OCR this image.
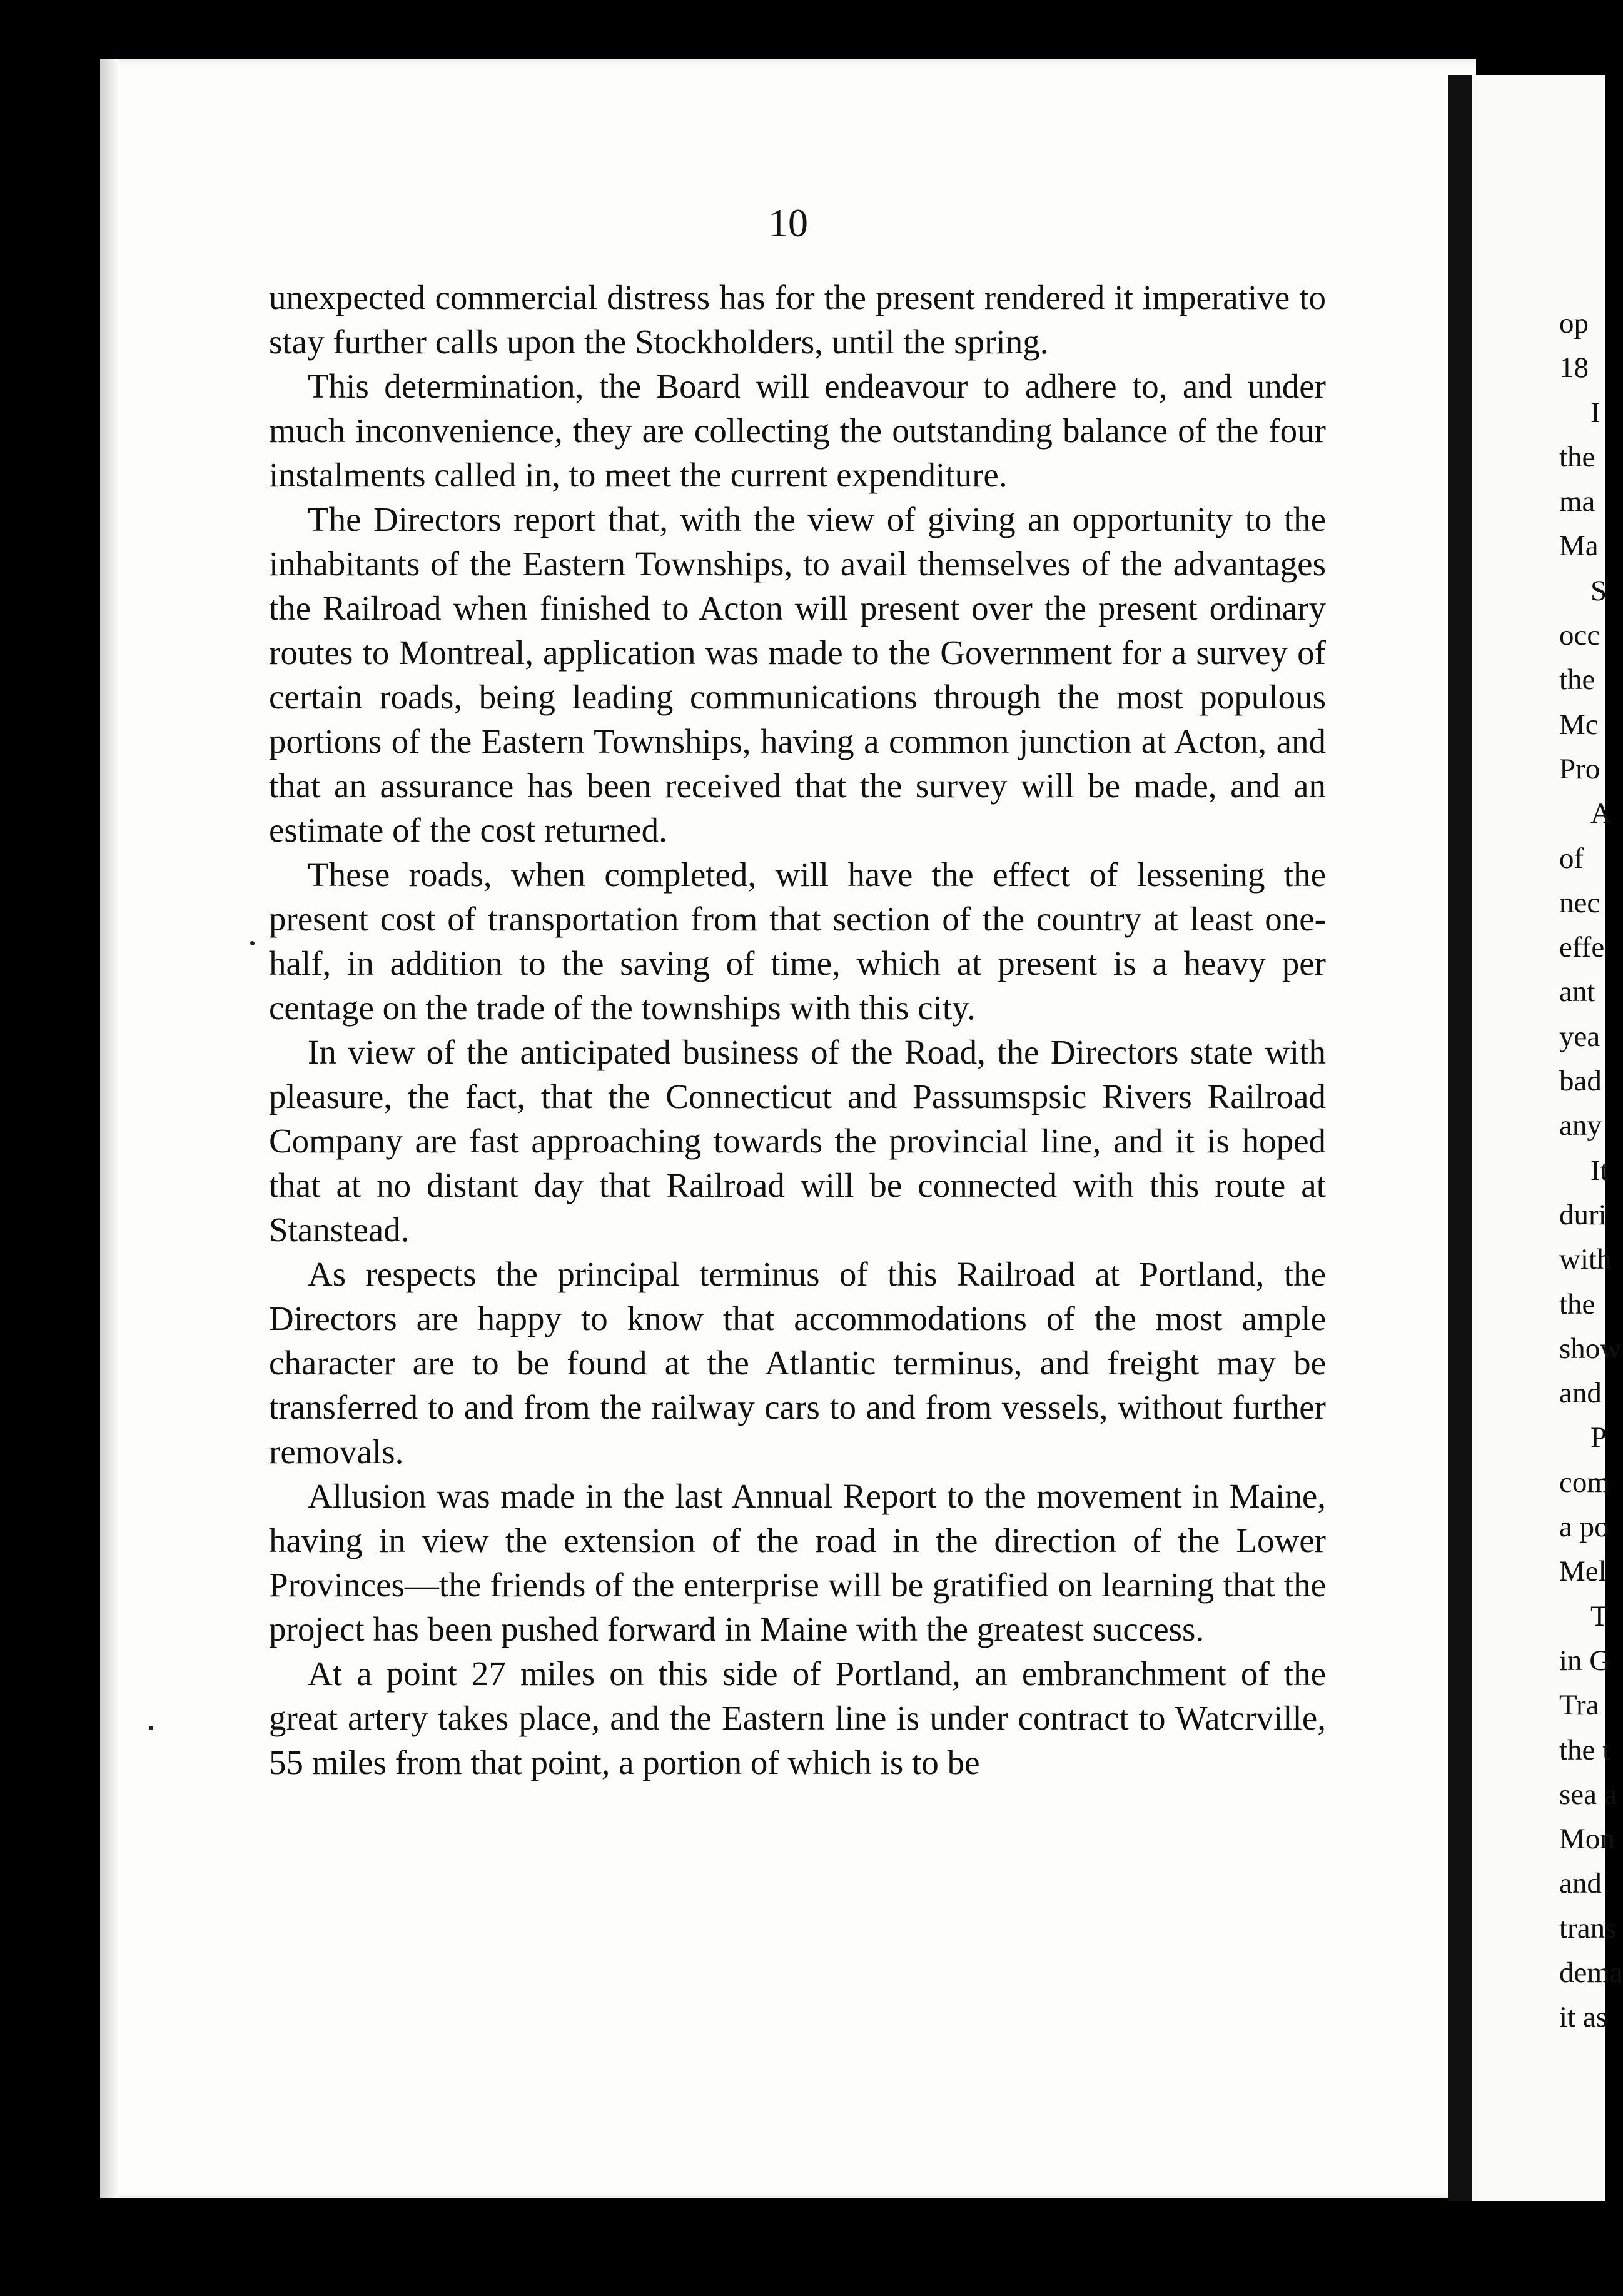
10

unexpected commercial distress has for the present rendered it imperative to stay further calls upon the Stockholders, until the spring.

This determination, the Board will endeavour to adhere to, and under much inconvenience, they are collecting the outstanding balance of the four instalments called in, to meet the current expenditure.

The Directors report that, with the view of giving an opportunity to the inhabitants of the Eastern Townships, to avail themselves of the advantages the Railroad when finished to Acton will present over the present ordinary routes to Montreal, application was made to the Government for a survey of certain roads, being leading communications through the most populous portions of the Eastern Townships, having a common junction at Acton, and that an assurance has been received that the survey will be made, and an estimate of the cost returned.

These roads, when completed, will have the effect of lessening the present cost of transportation from that section of the country at least one-half, in addition to the saving of time, which at present is a heavy per centage on the trade of the townships with this city.

In view of the anticipated business of the Road, the Directors state with pleasure, the fact, that the Connecticut and Passumspsic Rivers Railroad Company are fast approaching towards the provincial line, and it is hoped that at no distant day that Railroad will be connected with this route at Stanstead.

As respects the principal terminus of this Railroad at Portland, the Directors are happy to know that accommodations of the most ample character are to be found at the Atlantic terminus, and freight may be transferred to and from the railway cars to and from vessels, without further removals.

Allusion was made in the last Annual Report to the movement in Maine, having in view the extension of the road in the direction of the Lower Provinces—the friends of the enterprise will be gratified on learning that the project has been pushed forward in Maine with the greatest success.

At a point 27 miles on this side of Portland, an embranchment of the great artery takes place, and the Eastern line is under contract to Watcrville, 55 miles from that point, a portion of which is to be

op
18
I
the
ma
Ma
S
occ
the
Mc
Pro
A
of
nec
effe
ant
yea
bad
any
It
duri
with
the
show
and
P
com
a po
Mel
T
in G
Tra
the t
sea a
Mon
and
trans
dema
it as
